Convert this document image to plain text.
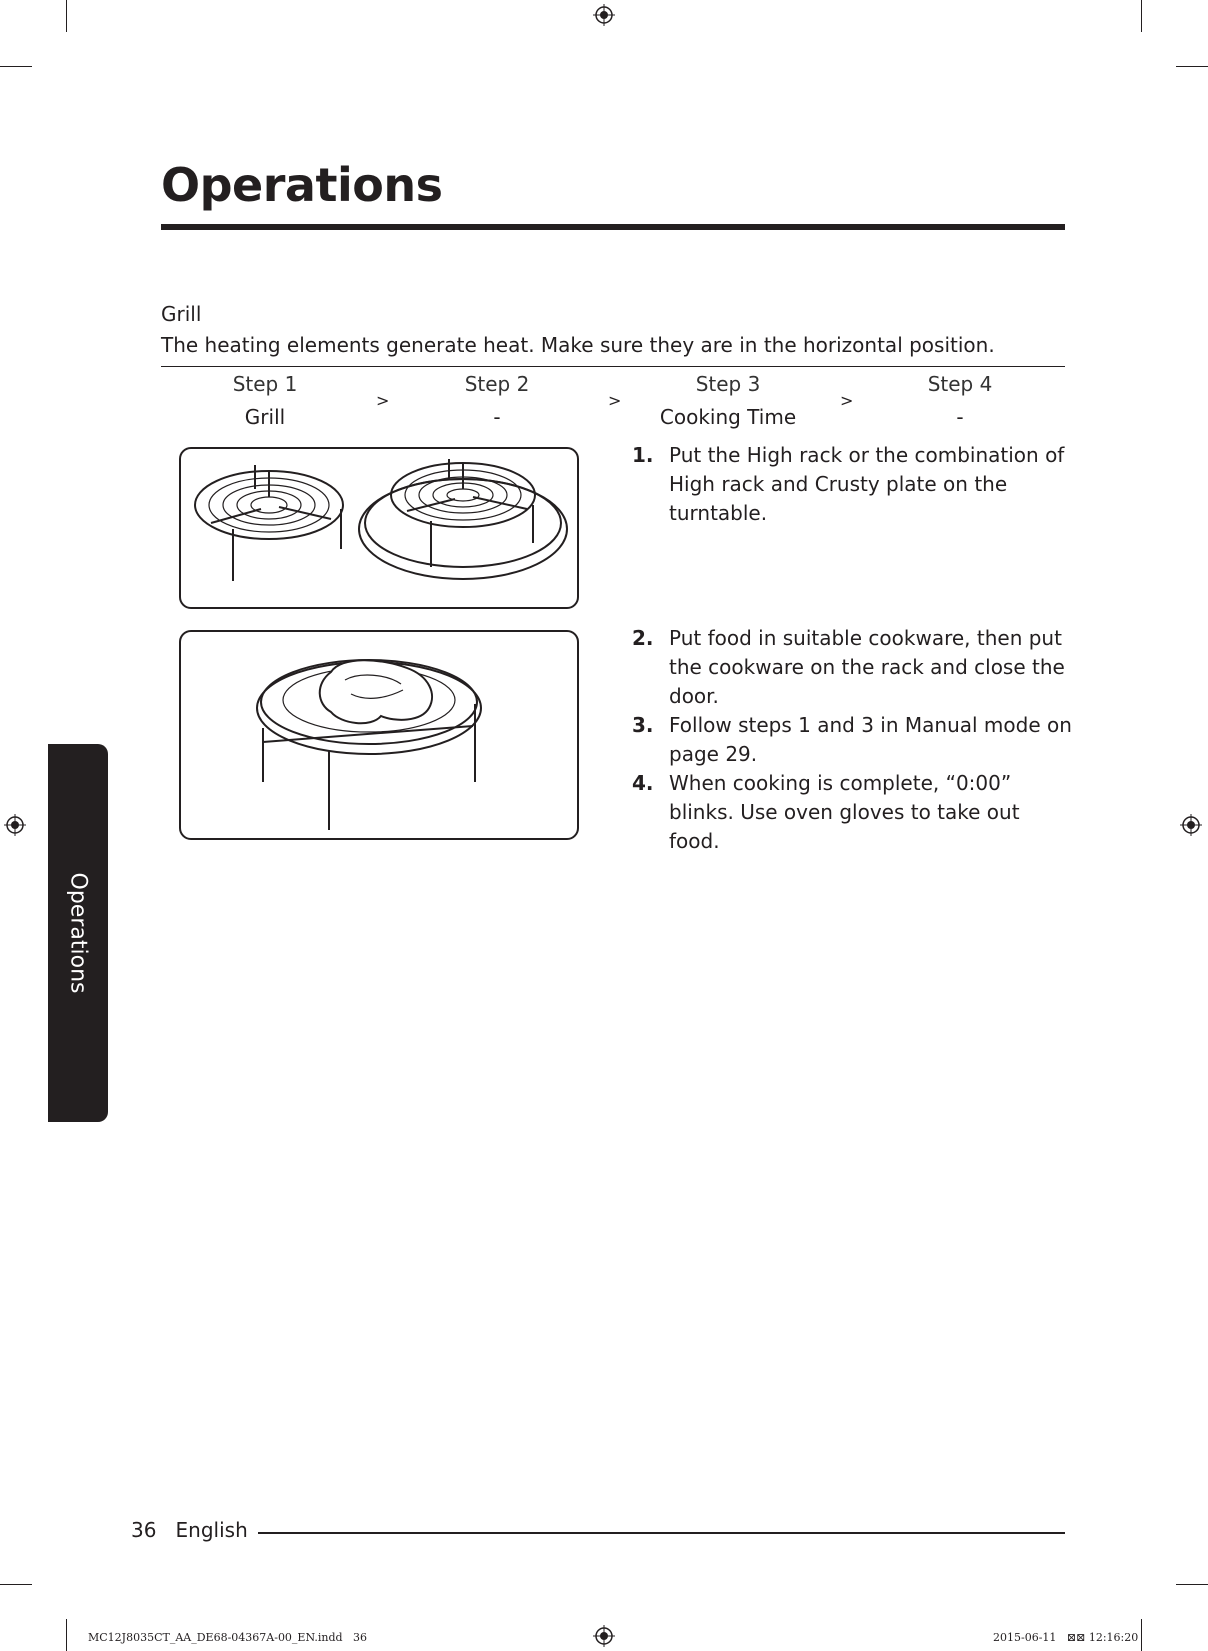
Operations
Grill
The heating elements generate heat. Make sure they are in the horizontal position.
Step 1
Grill
>
Step 2
-
>
Step 3
Cooking Time
>
Step 4
-
1. Put the High rack or the combination of High rack and Crusty plate on the turntable.
2. Put food in suitable cookware, then put the cookware on the rack and close the door.
3. Follow steps 1 and 3 in Manual mode on page 29.
4. When cooking is complete, “0:00” blinks. Use oven gloves to take out food.
Operations
36 English
MC12J8035CT_AA_DE68-04367A-00_EN.indd   36	2015-06-11   ⊠⊠ 12:16:20
